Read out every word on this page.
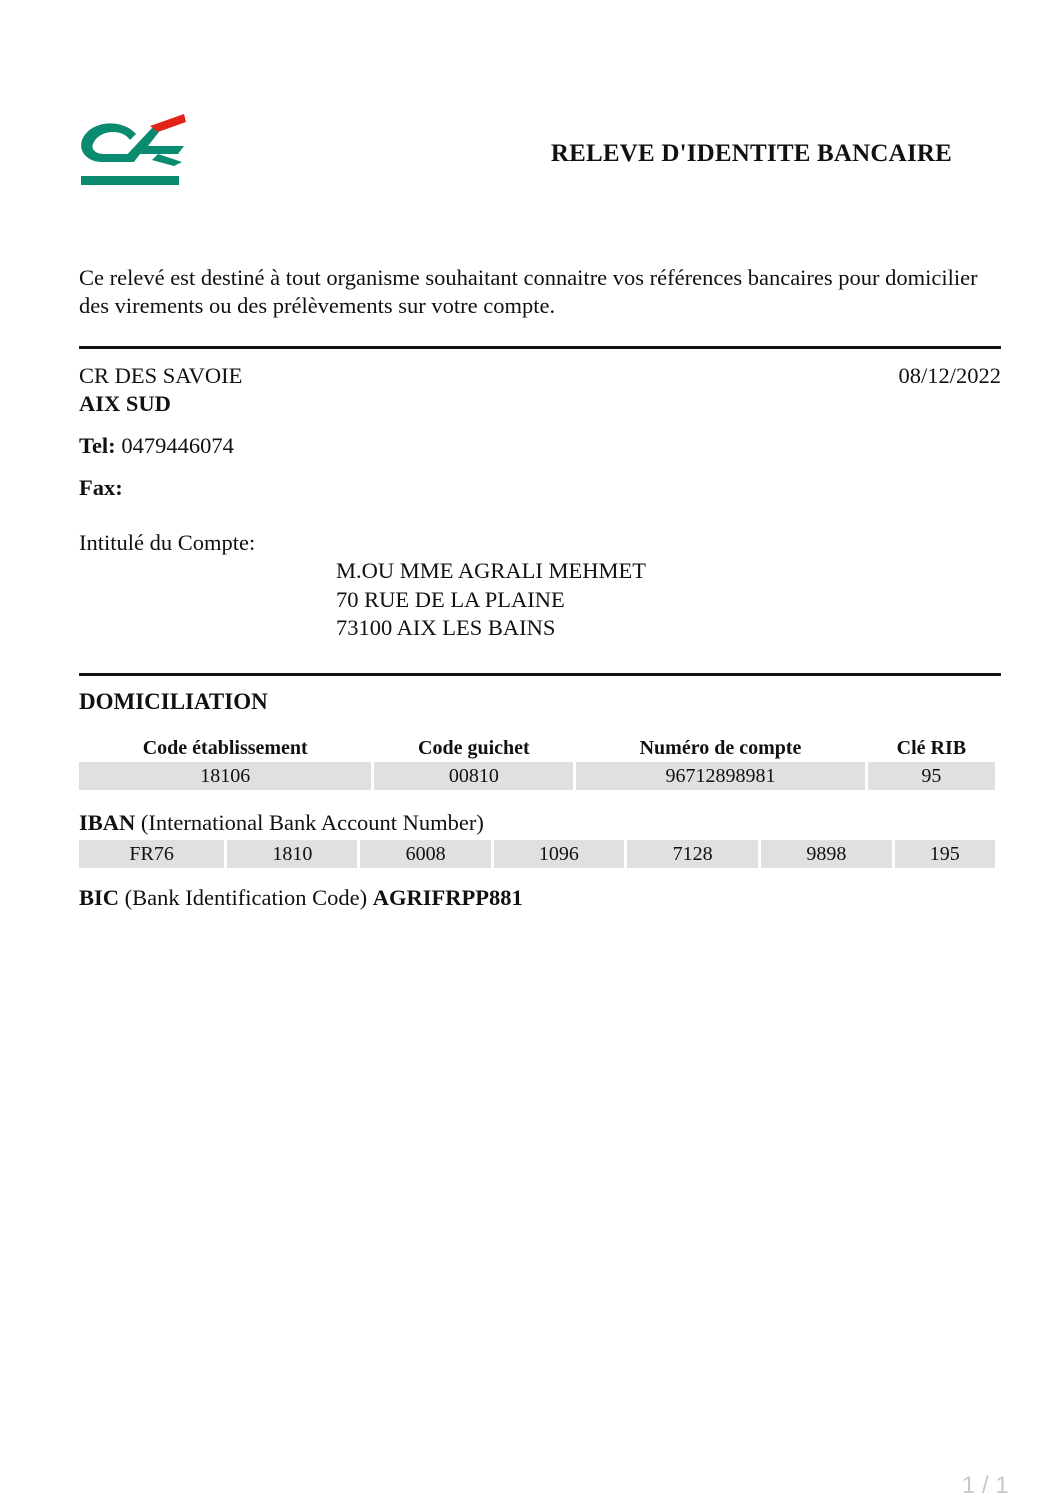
RELEVE D'IDENTITE BANCAIRE
Ce relevé est destiné à tout organisme souhaitant connaitre vos références bancaires pour domicilier des virements ou des prélèvements sur votre compte.
CR DES SAVOIE	08/12/2022
AIX SUD
Tel: 0479446074
Fax:
Intitulé du Compte:
M.OU MME AGRALI MEHMET
70 RUE DE LA PLAINE
73100 AIX LES BAINS
DOMICILIATION
Code établissement	Code guichet	Numéro de compte	Clé RIB
18106	00810	96712898981	95
IBAN (International Bank Account Number)
FR76	1810	6008	1096	7128	9898	195
BIC (Bank Identification Code) AGRIFRPP881
1 / 1
